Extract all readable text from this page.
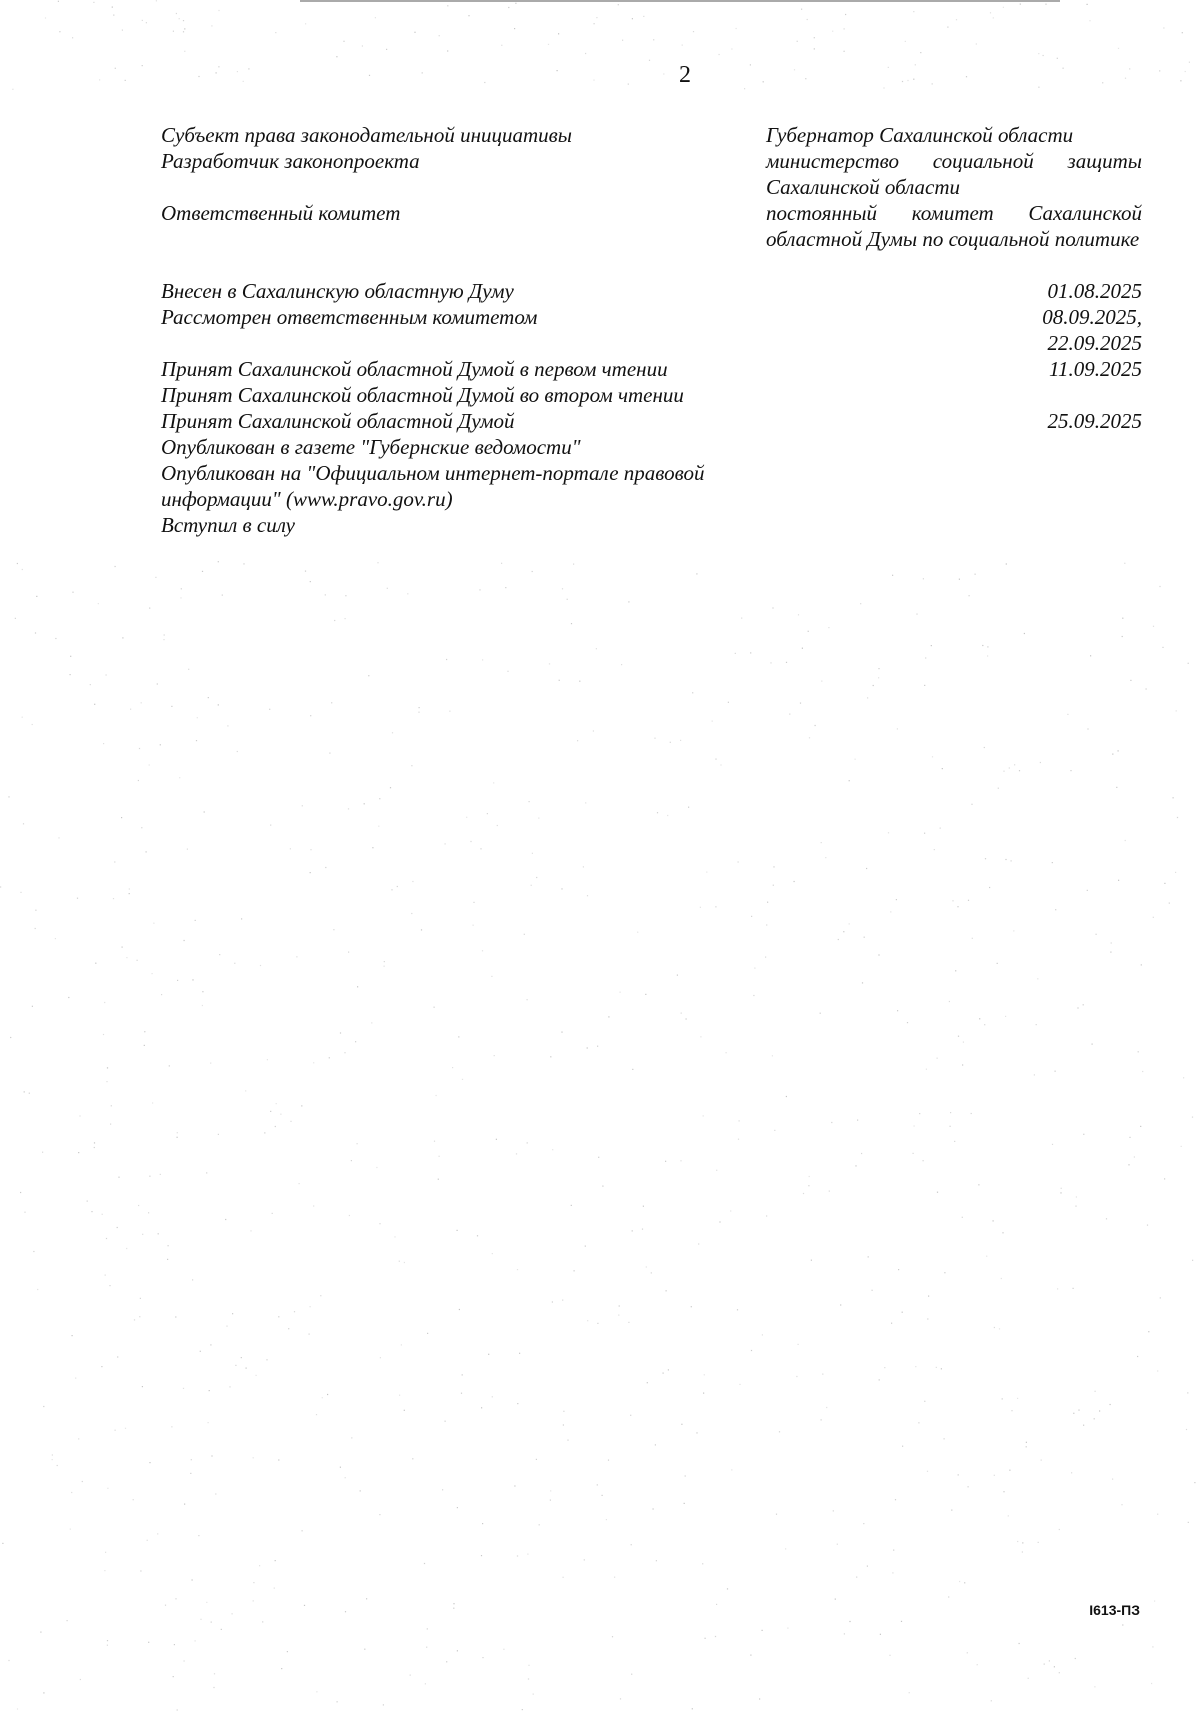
2
Субъект права законодательной инициативы	Губернатор Сахалинской области
Разработчик законопроекта	министерство социальной защиты Сахалинской области
Ответственный комитет	постоянный комитет Сахалинской областной Думы по социальной политике
Внесен в Сахалинскую областную Думу	01.08.2025
Рассмотрен ответственным комитетом	08.09.2025,
22.09.2025
Принят Сахалинской областной Думой в первом чтении	11.09.2025
Принят Сахалинской областной Думой во втором чтении
Принят Сахалинской областной Думой	25.09.2025
Опубликован в газете "Губернские ведомости"
Опубликован на "Официальном интернет-портале правовой
информации" (www.pravo.gov.ru)
Вступил в силу
I613-ПЗ
